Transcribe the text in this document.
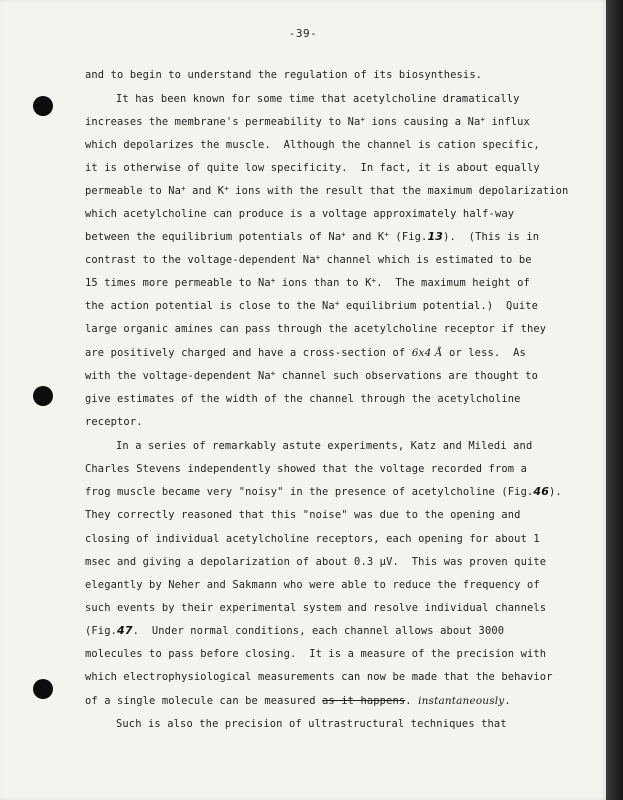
-39-
and to begin to understand the regulation of its biosynthesis.
It has been known for some time that acetylcholine dramatically
increases the membrane's permeability to Na+ ions causing a Na+ influx
which depolarizes the muscle.  Although the channel is cation specific,
it is otherwise of quite low specificity.  In fact, it is about equally
permeable to Na+ and K+ ions with the result that the maximum depolarization
which acetylcholine can produce is a voltage approximately half-way
between the equilibrium potentials of Na+ and K+ (Fig.13).  (This is in
contrast to the voltage-dependent Na+ channel which is estimated to be
15 times more permeable to Na+ ions than to K+.  The maximum height of
the action potential is close to the Na+ equilibrium potential.)  Quite
large organic amines can pass through the acetylcholine receptor if they
are positively charged and have a cross-section of 6x4 Å or less.  As
with the voltage-dependent Na+ channel such observations are thought to
give estimates of the width of the channel through the acetylcholine
receptor.
In a series of remarkably astute experiments, Katz and Miledi and
Charles Stevens independently showed that the voltage recorded from a
frog muscle became very "noisy" in the presence of acetylcholine (Fig.46).
They correctly reasoned that this "noise" was due to the opening and
closing of individual acetylcholine receptors, each opening for about 1
msec and giving a depolarization of about 0.3 μV.  This was proven quite
elegantly by Neher and Sakmann who were able to reduce the frequency of
such events by their experimental system and resolve individual channels
(Fig.47.  Under normal conditions, each channel allows about 3000
molecules to pass before closing.  It is a measure of the precision with
which electrophysiological measurements can now be made that the behavior
of a single molecule can be measured as it happens. instantaneously.
Such is also the precision of ultrastructural techniques that
